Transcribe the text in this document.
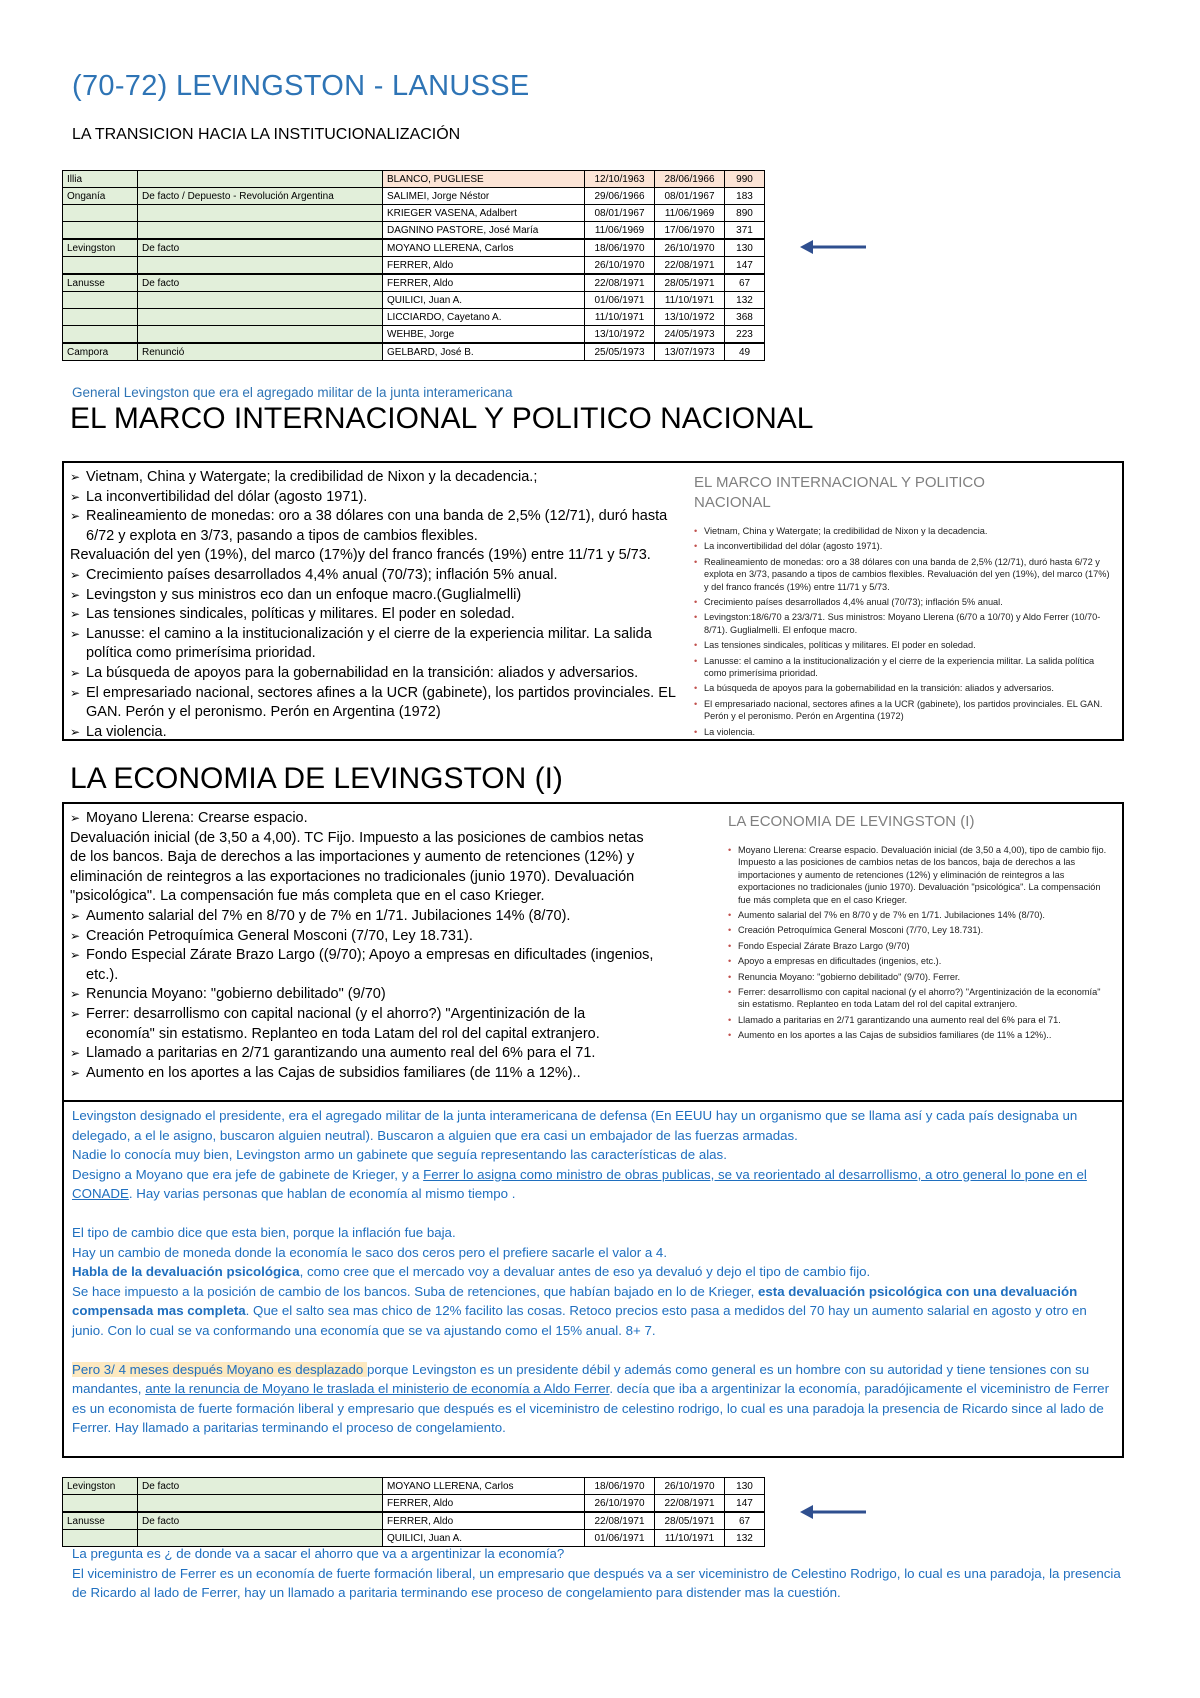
(70-72) LEVINGSTON - LANUSSE
LA TRANSICION HACIA LA INSTITUCIONALIZACIÓN
Illia		BLANCO, PUGLIESE	12/10/1963	28/06/1966	990
Onganía	De facto / Depuesto - Revolución Argentina	SALIMEI, Jorge Néstor	29/06/1966	08/01/1967	183
		KRIEGER VASENA, Adalbert	08/01/1967	11/06/1969	890
		DAGNINO PASTORE, José María	11/06/1969	17/06/1970	371
Levingston	De facto	MOYANO LLERENA, Carlos	18/06/1970	26/10/1970	130
		FERRER, Aldo	26/10/1970	22/08/1971	147
Lanusse	De facto	FERRER, Aldo	22/08/1971	28/05/1971	67
		QUILICI, Juan A.	01/06/1971	11/10/1971	132
		LICCIARDO, Cayetano A.	11/10/1971	13/10/1972	368
		WEHBE, Jorge	13/10/1972	24/05/1973	223
Campora	Renunció	GELBARD, José B.	25/05/1973	13/07/1973	49
General Levingston que era el agregado militar de la junta interamericana
EL MARCO INTERNACIONAL Y POLITICO NACIONAL
➢ Vietnam, China y Watergate; la credibilidad de Nixon y la decadencia.;
➢ La inconvertibilidad del dólar (agosto 1971).
➢ Realineamiento de monedas: oro a 38 dólares con una banda de 2,5% (12/71), duró hasta 6/72 y explota en 3/73, pasando a tipos de cambios flexibles.
Revaluación del yen (19%), del marco (17%)y del franco francés (19%) entre 11/71 y 5/73.
➢ Crecimiento países desarrollados 4,4% anual (70/73); inflación 5% anual.
➢ Levingston y sus ministros eco dan un enfoque macro.(Guglialmelli)
➢ Las tensiones sindicales, políticas y militares. El poder en soledad.
➢ Lanusse: el camino a la institucionalización y el cierre de la experiencia militar. La salida política como primerísima prioridad.
➢ La búsqueda de apoyos para la gobernabilidad en la transición: aliados y adversarios.
➢ El empresariado nacional, sectores afines a la UCR (gabinete), los partidos provinciales. EL GAN. Perón y el peronismo. Perón en Argentina (1972)
➢ La violencia.
EL MARCO INTERNACIONAL Y POLITICO NACIONAL
• Vietnam, China y Watergate; la credibilidad de Nixon y la decadencia.
• La inconvertibilidad del dólar (agosto 1971).
• Realineamiento de monedas: oro a 38 dólares con una banda de 2,5% (12/71), duró hasta 6/72 y explota en 3/73, pasando a tipos de cambios flexibles. Revaluación del yen (19%), del marco (17%) y del franco francés (19%) entre 11/71 y 5/73.
• Crecimiento países desarrollados 4,4% anual (70/73); inflación 5% anual.
• Levingston:18/6/70 a 23/3/71. Sus ministros: Moyano Llerena (6/70 a 10/70) y Aldo Ferrer (10/70-8/71). Guglialmelli. El enfoque macro.
• Las tensiones sindicales, políticas y militares. El poder en soledad.
• Lanusse: el camino a la institucionalización y el cierre de la experiencia militar. La salida política como primerísima prioridad.
• La búsqueda de apoyos para la gobernabilidad en la transición: aliados y adversarios.
• El empresariado nacional, sectores afines a la UCR (gabinete), los partidos provinciales. EL GAN. Perón y el peronismo. Perón en Argentina (1972)
• La violencia.
LA ECONOMIA DE LEVINGSTON (I)
➢ Moyano Llerena: Crearse espacio.
Devaluación inicial (de 3,50 a 4,00). TC Fijo. Impuesto a las posiciones de cambios netas de los bancos. Baja de derechos a las importaciones y aumento de retenciones (12%) y eliminación de reintegros a las exportaciones no tradicionales (junio 1970). Devaluación "psicológica". La compensación fue más completa que en el caso Krieger.
➢ Aumento salarial del 7% en 8/70 y de 7% en 1/71. Jubilaciones 14% (8/70).
➢ Creación Petroquímica General Mosconi (7/70, Ley 18.731).
➢ Fondo Especial Zárate Brazo Largo ((9/70); Apoyo a empresas en dificultades (ingenios, etc.).
➢ Renuncia Moyano: "gobierno debilitado" (9/70)
➢ Ferrer: desarrollismo con capital nacional (y el ahorro?) "Argentinización de la economía" sin estatismo. Replanteo en toda Latam del rol del capital extranjero.
➢ Llamado a paritarias en 2/71 garantizando una aumento real del 6% para el 71.
➢ Aumento en los aportes a las Cajas de subsidios familiares (de 11% a 12%)..
LA ECONOMIA DE LEVINGSTON (I)
• Moyano Llerena: Crearse espacio. Devaluación inicial (de 3,50 a 4,00), tipo de cambio fijo. Impuesto a las posiciones de cambios netas de los bancos, baja de derechos a las importaciones y aumento de retenciones (12%) y eliminación de reintegros a las exportaciones no tradicionales (junio 1970). Devaluación "psicológica". La compensación fue más completa que en el caso Krieger.
• Aumento salarial del 7% en 8/70 y de 7% en 1/71. Jubilaciones 14% (8/70).
• Creación Petroquímica General Mosconi (7/70, Ley 18.731).
• Fondo Especial Zárate Brazo Largo (9/70)
• Apoyo a empresas en dificultades (ingenios, etc.).
• Renuncia Moyano: "gobierno debilitado" (9/70). Ferrer.
• Ferrer: desarrollismo con capital nacional (y el ahorro?) "Argentinización de la economía" sin estatismo. Replanteo en toda Latam del rol del capital extranjero.
• Llamado a paritarias en 2/71 garantizando una aumento real del 6% para el 71.
• Aumento en los aportes a las Cajas de subsidios familiares (de 11% a 12%)..

Levingston designado el presidente, era el agregado militar de la junta interamericana de defensa (En EEUU hay un organismo que se llama así y cada país designaba un delegado, a el le asigno, buscaron alguien neutral). Buscaron a alguien que era casi un embajador de las fuerzas armadas.

Nadie lo conocía muy bien, Levingston armo un gabinete que seguía representando las características de alas.

Designo a Moyano que era jefe de gabinete de Krieger, y a Ferrer lo asigna como ministro de obras publicas, se va reorientado al desarrollismo, a otro general lo pone en el CONADE. Hay varias personas que hablan de economía al mismo tiempo .

El tipo de cambio dice que esta bien, porque la inflación fue baja.

Hay un cambio de moneda donde la economía le saco dos ceros pero el prefiere sacarle el valor a 4.

Habla de la devaluación psicológica, como cree que el mercado voy a devaluar antes de eso ya devaluó y dejo el tipo de cambio fijo.

Se hace impuesto a la posición de cambio de los bancos. Suba de retenciones, que habían bajado en lo de Krieger, esta devaluación psicológica con una devaluación compensada mas completa. Que el salto sea mas chico de 12% facilito las cosas. Retoco precios esto pasa a medidos del 70 hay un aumento salarial en agosto y otro en junio. Con lo cual se va conformando una economía que se va ajustando como el 15% anual. 8+ 7.

Pero 3/ 4 meses después Moyano es desplazado porque Levingston es un presidente débil y además como general es un hombre con su autoridad y tiene tensiones con su mandantes, ante la renuncia de Moyano le traslada el ministerio de economía a Aldo Ferrer. decía que iba a argentinizar la economía, paradójicamente el viceministro de Ferrer es un economista de fuerte formación liberal y empresario que después es el viceministro de celestino rodrigo, lo cual es una paradoja la presencia de Ricardo since al lado de Ferrer. Hay llamado a paritarias terminando el proceso de congelamiento.

Levingston	De facto	MOYANO LLERENA, Carlos	18/06/1970	26/10/1970	130
		FERRER, Aldo	26/10/1970	22/08/1971	147
Lanusse	De facto	FERRER, Aldo	22/08/1971	28/05/1971	67
		QUILICI, Juan A.	01/06/1971	11/10/1971	132

La pregunta es ¿ de donde va a sacar el ahorro que va a argentinizar la economía?

El viceministro de Ferrer es un economía de fuerte formación liberal, un empresario que después va a ser viceministro de Celestino Rodrigo, lo cual es una paradoja, la presencia de Ricardo al lado de Ferrer, hay un llamado a paritaria terminando ese proceso de congelamiento para distender mas la cuestión.
